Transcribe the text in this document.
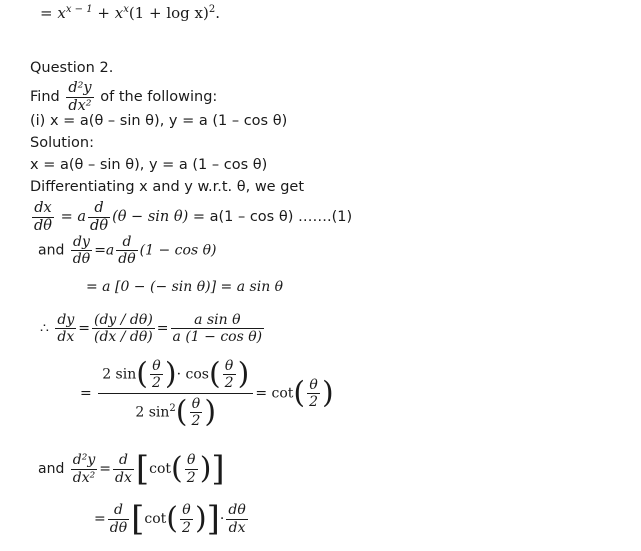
= $x^{x - 1} + x^x(1 + \log x)^2$.
Question 2.
Find $\frac{\text{d²y}}{\text{dx²}}$ of the following:
(i) x = a(θ – sin θ), y = a (1 – cos θ)
Solution:
x = a(θ – sin θ), y = a (1 – cos θ)
Differentiating x and y w.r.t. θ, we get
$\frac{dx}{d\theta} = a \frac{d}{d\theta} (\theta - \sin \theta) = a(1 - \cos \theta)$ …….(1)
and $\frac{dy}{d\theta} =a \frac{d}{d\theta} (1 - \cos \theta)$
= a [0 − (− sin θ)] = a sin θ
∴ $\frac{dy}{dx} = \frac{(dy / d\theta)}{(dx / d\theta)} = \frac{\text{a sin θ}}{\text{a (1 − cos θ)}}$
= $\frac{2 \sin( \frac{\theta}{2} )\cdot \cos( \frac{\theta}{2} )}{2 \sin^2( \frac{\theta}{2} )} = \cot( \frac{\theta}{2}$ )
and $\frac{\text{d²y}}{\text{dx²}} = \frac{d}{dx} [\cot( \frac{\theta}{2}$ )]
= $\frac{d}{d\theta} [\cot( \frac{\theta}{2}$ )]· $\frac{d\theta}{dx}$
